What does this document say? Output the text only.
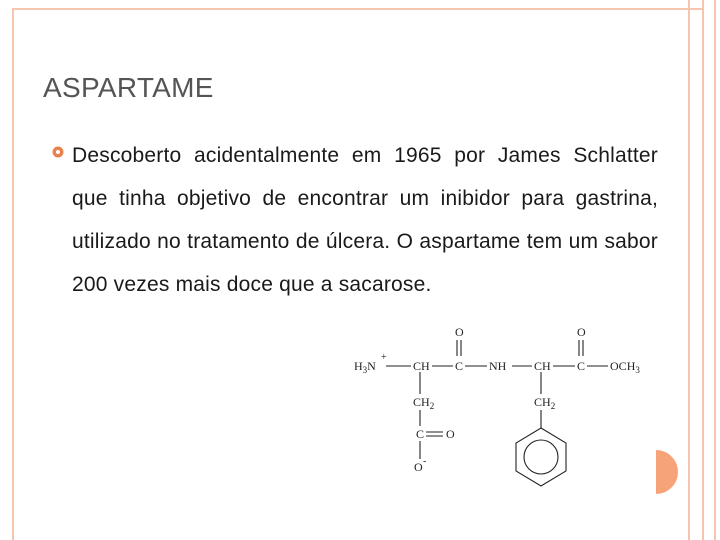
ASPARTAME

Descoberto acidentalmente em 1965 por James Schlatter que tinha objetivo de encontrar um inibidor para gastrina, utilizado no tratamento de úlcera. O aspartame tem um sabor 200 vezes mais doce que a sacarose.

H3N
+
CH C NH CH C OCH3
O	O
CH2	CH2
C O
O -
